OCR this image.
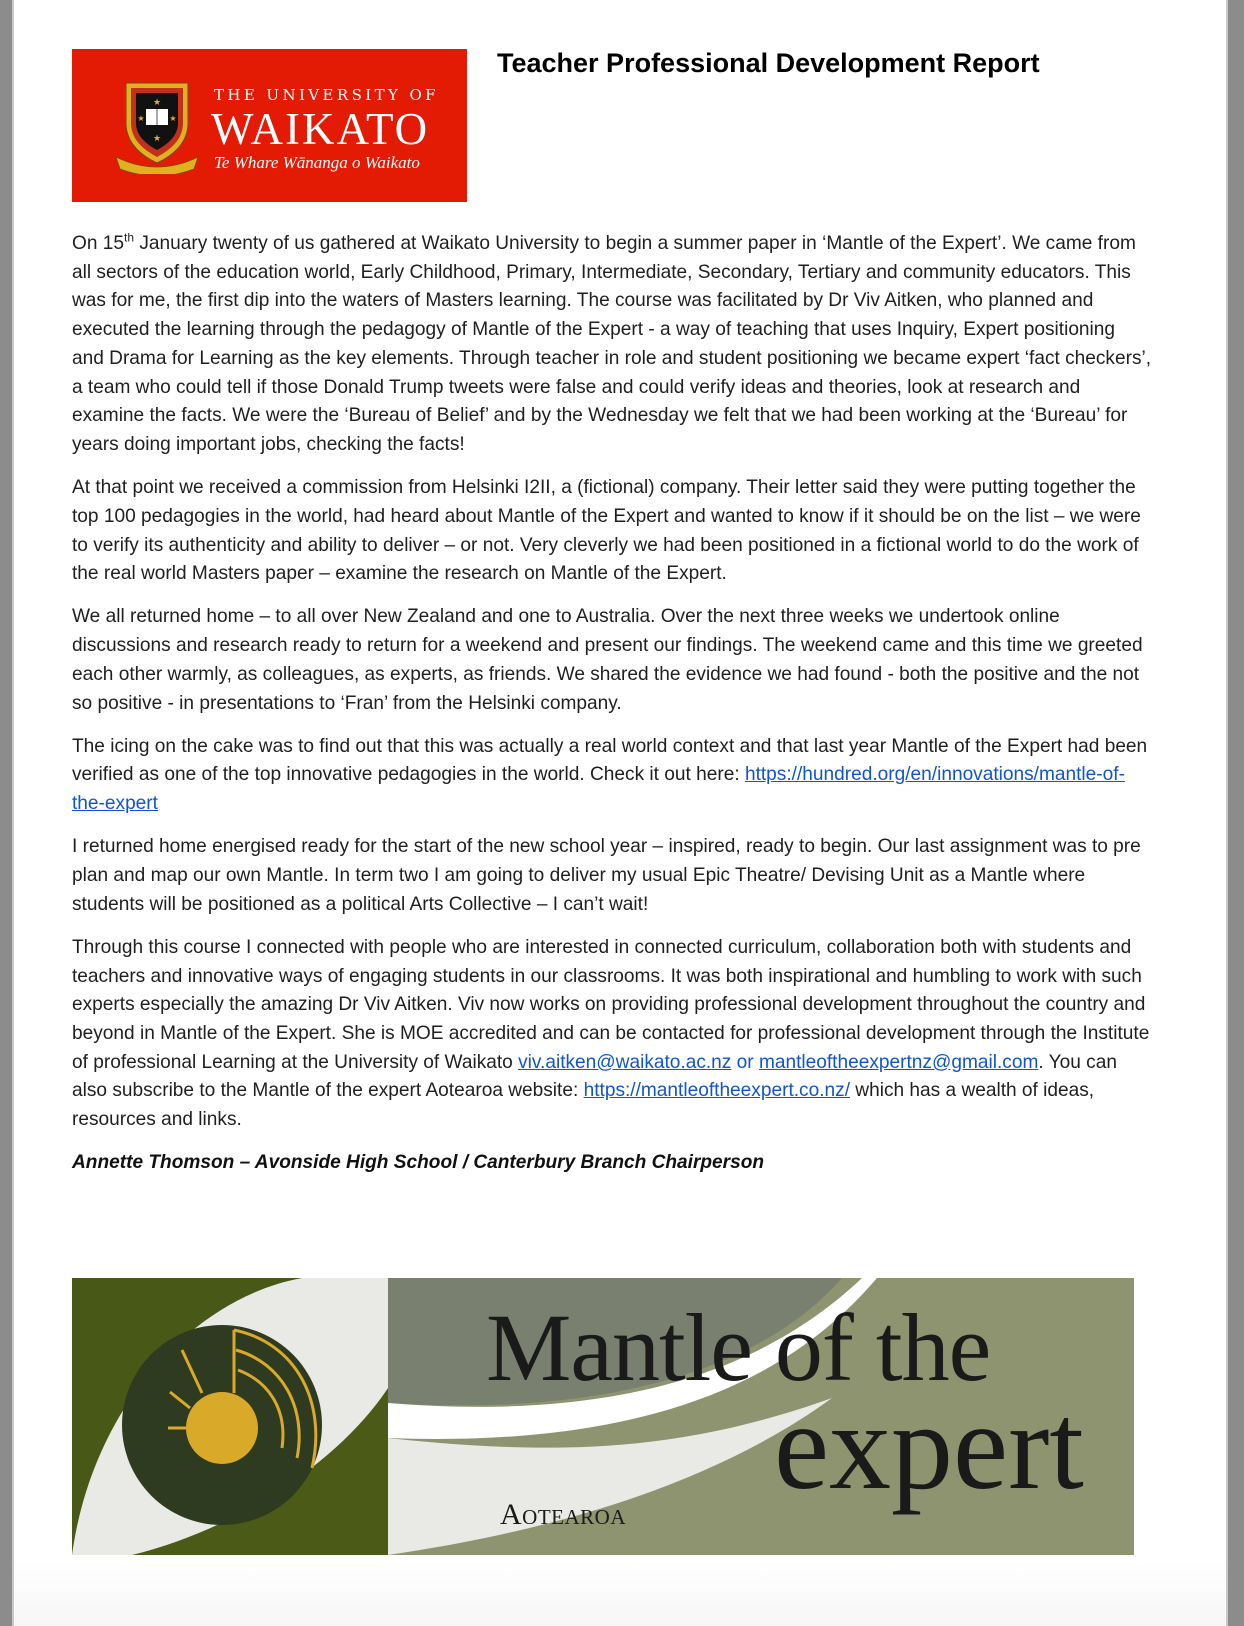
★
★	★
★
THE UNIVERSITY OF
WAIKATO
Te Whare Wānanga o Waikato
Teacher Professional Development Report

On 15th January twenty of us gathered at Waikato University to begin a summer paper in ‘Mantle of the Expert’. We came from all sectors of the education world, Early Childhood, Primary, Intermediate, Secondary, Tertiary and community educators. This was for me, the first dip into the waters of Masters learning. The course was facilitated by Dr Viv Aitken, who planned and executed the learning through the pedagogy of Mantle of the Expert - a way of teaching that uses Inquiry, Expert positioning and Drama for Learning as the key elements. Through teacher in role and student positioning we became expert ‘fact checkers’, a team who could tell if those Donald Trump tweets were false and could verify ideas and theories, look at research and examine the facts. We were the ‘Bureau of Belief’ and by the Wednesday we felt that we had been working at the ‘Bureau’ for years doing important jobs, checking the facts!

At that point we received a commission from Helsinki I2II, a (fictional) company. Their letter said they were putting together the top 100 pedagogies in the world, had heard about Mantle of the Expert and wanted to know if it should be on the list – we were to verify its authenticity and ability to deliver – or not. Very cleverly we had been positioned in a fictional world to do the work of the real world Masters paper – examine the research on Mantle of the Expert.

We all returned home – to all over New Zealand and one to Australia. Over the next three weeks we undertook online discussions and research ready to return for a weekend and present our findings. The weekend came and this time we greeted each other warmly, as colleagues, as experts, as friends. We shared the evidence we had found - both the positive and the not so positive - in presentations to ‘Fran’ from the Helsinki company.

The icing on the cake was to find out that this was actually a real world context and that last year Mantle of the Expert had been verified as one of the top innovative pedagogies in the world. Check it out here: https://hundred.org/en/innovations/mantle-of-the-expert

I returned home energised ready for the start of the new school year – inspired, ready to begin. Our last assignment was to pre plan and map our own Mantle. In term two I am going to deliver my usual Epic Theatre/ Devising Unit as a Mantle where students will be positioned as a political Arts Collective – I can’t wait!

Through this course I connected with people who are interested in connected curriculum, collaboration both with students and teachers and innovative ways of engaging students in our classrooms. It was both inspirational and humbling to work with such experts especially the amazing Dr Viv Aitken. Viv now works on providing professional development throughout the country and beyond in Mantle of the Expert. She is MOE accredited and can be contacted for professional development through the Institute of professional Learning at the University of Waikato viv.aitken@waikato.ac.nz or mantleoftheexpertnz@gmail.com. You can also subscribe to the Mantle of the expert Aotearoa website: https://mantleoftheexpert.co.nz/ which has a wealth of ideas, resources and links.

Annette Thomson – Avonside High School / Canterbury Branch Chairperson

Mantle of the
expert
Aotearoa
